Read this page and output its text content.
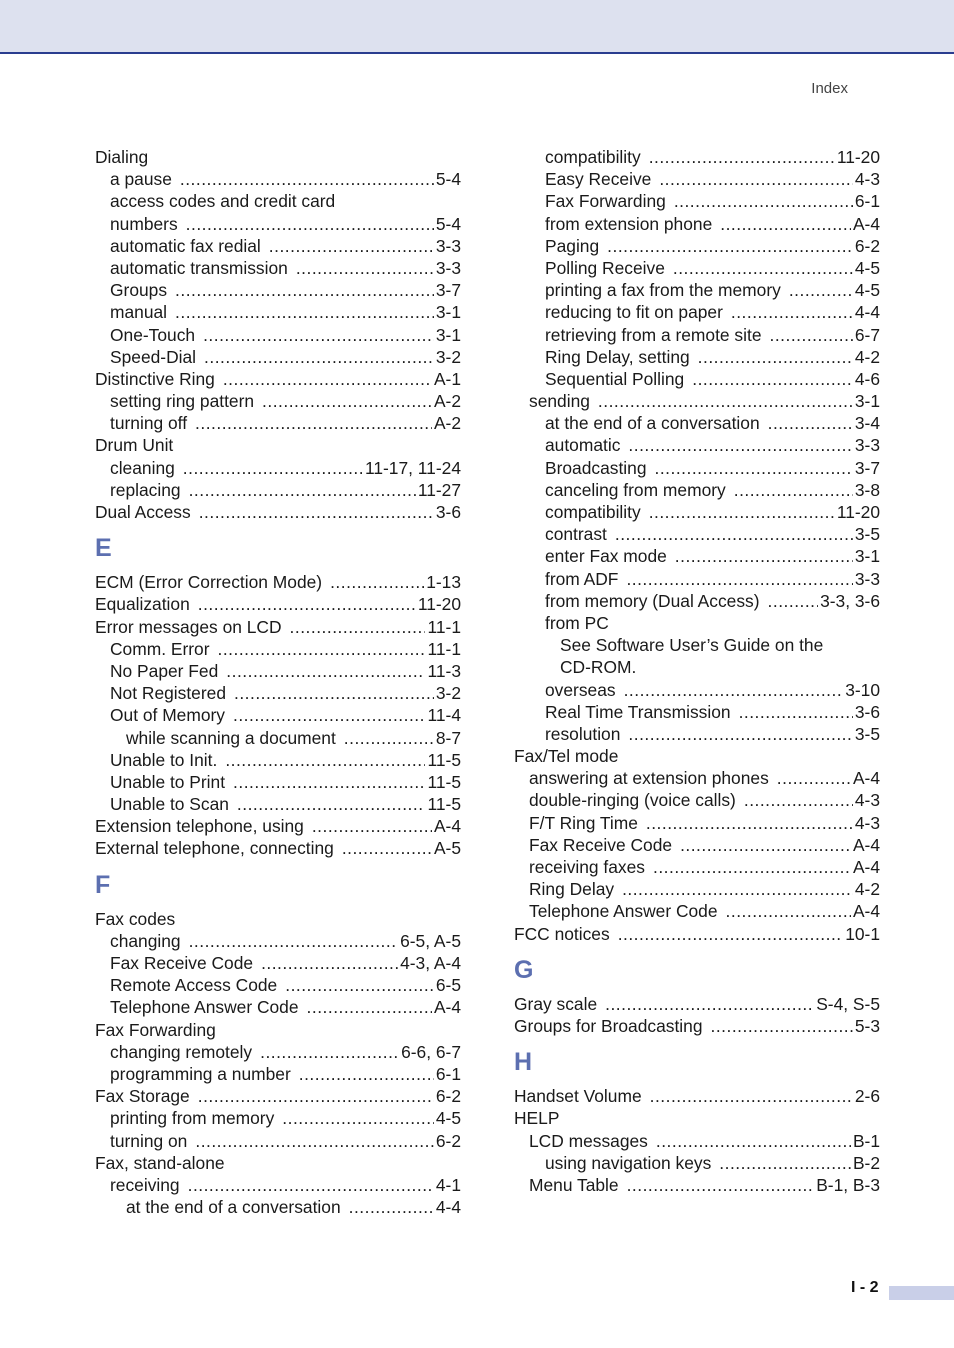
Index
Dialing
a pause .....	5-4
access codes and credit card
numbers .....	5-4
automatic fax redial .....	3-3
automatic transmission .....	3-3
Groups .....	3-7
manual .....	3-1
One-Touch .....	3-1
Speed-Dial .....	3-2
Distinctive Ring .....	A-1
setting ring pattern .....	A-2
turning off .....	A-2
Drum Unit
cleaning .....	11-17, 11-24
replacing .....	11-27
Dual Access .....	3-6
E
ECM (Error Correction Mode) .....	1-13
Equalization .....	11-20
Error messages on LCD .....	11-1
Comm. Error .....	11-1
No Paper Fed .....	11-3
Not Registered .....	3-2
Out of Memory .....	11-4
while scanning a document .....	8-7
Unable to Init. .....	11-5
Unable to Print .....	11-5
Unable to Scan .....	11-5
Extension telephone, using .....	A-4
External telephone, connecting .....	A-5
F
Fax codes
changing .....	6-5, A-5
Fax Receive Code .....	4-3, A-4
Remote Access Code .....	6-5
Telephone Answer Code .....	A-4
Fax Forwarding
changing remotely .....	6-6, 6-7
programming a number .....	6-1
Fax Storage .....	6-2
printing from memory .....	4-5
turning on .....	6-2
Fax, stand-alone
receiving .....	4-1
at the end of a conversation .....	4-4
compatibility .....	11-20
Easy Receive .....	4-3
Fax Forwarding .....	6-1
from extension phone .....	A-4
Paging .....	6-2
Polling Receive .....	4-5
printing a fax from the memory .....	4-5
reducing to fit on paper .....	4-4
retrieving from a remote site .....	6-7
Ring Delay, setting .....	4-2
Sequential Polling .....	4-6
sending .....	3-1
at the end of a conversation .....	3-4
automatic .....	3-3
Broadcasting .....	3-7
canceling from memory .....	3-8
compatibility .....	11-20
contrast .....	3-5
enter Fax mode .....	3-1
from ADF .....	3-3
from memory (Dual Access) .....	3-3, 3-6
from PC
See Software User’s Guide on the
CD-ROM.
overseas .....	3-10
Real Time Transmission .....	3-6
resolution .....	3-5
Fax/Tel mode
answering at extension phones .....	A-4
double-ringing (voice calls) .....	4-3
F/T Ring Time .....	4-3
Fax Receive Code .....	A-4
receiving faxes .....	A-4
Ring Delay .....	4-2
Telephone Answer Code .....	A-4
FCC notices .....	10-1
G
Gray scale .....	S-4, S-5
Groups for Broadcasting .....	5-3
H
Handset Volume .....	2-6
HELP
LCD messages .....	B-1
using navigation keys .....	B-2
Menu Table .....	B-1, B-3
I - 2
